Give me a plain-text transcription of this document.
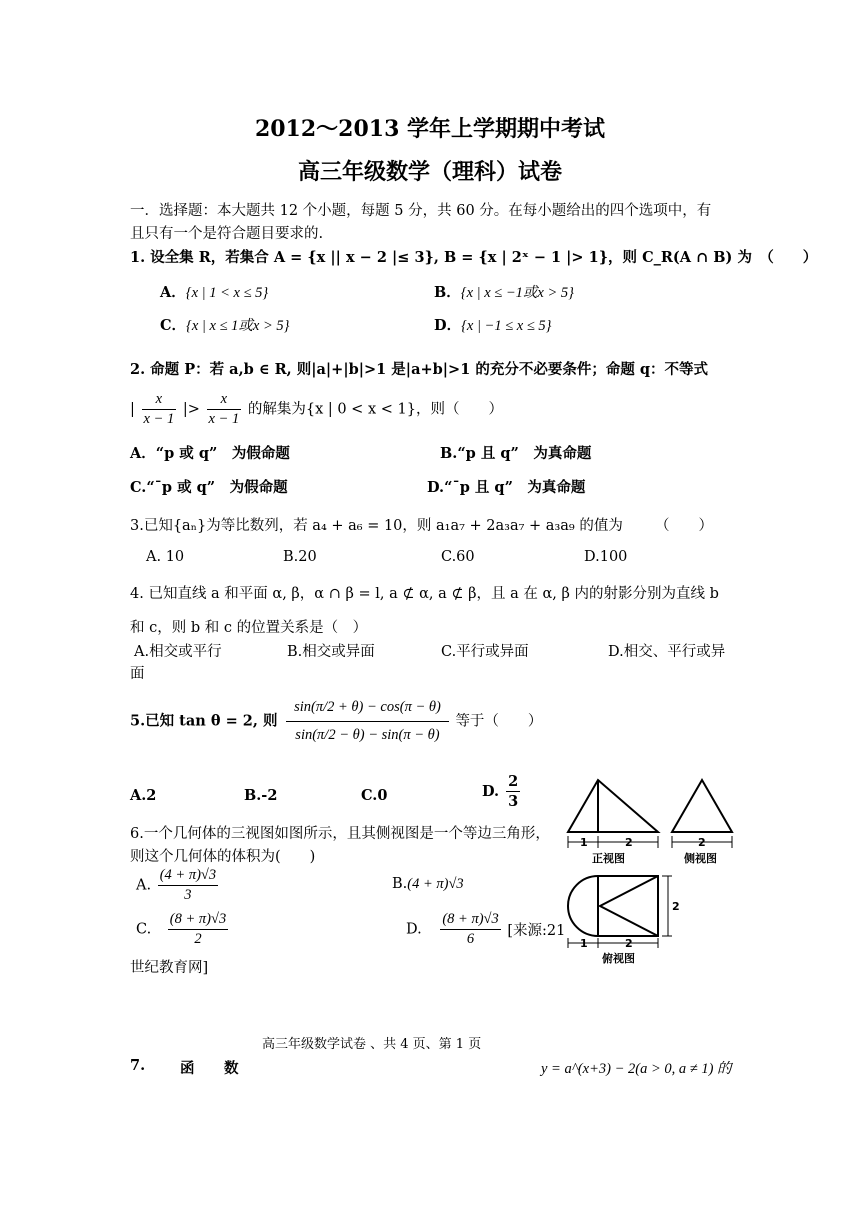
2012～2013 学年上学期期中考试
高三年级数学（理科）试卷
一．选择题：本大题共 12 个小题，每题 5 分，共 60 分。在每小题给出的四个选项中，有
且只有一个是符合题目要求的.
1. 设全集 R，若集合 A = {x || x − 2 |≤ 3}, B = {x | 2ˣ − 1 |> 1}，则 C_R(A ∩ B) 为　 （　　）
A．{x | 1 < x ≤ 5}	B．{x | x ≤ −1或x > 5}
C．{x | x ≤ 1或x > 5}	D．{x | −1 ≤ x ≤ 5}
2. 命题 P：若 a,b ∈ R, 则|a|+|b|>1 是|a+b|>1 的充分不必要条件；命题 q：不等式
| $\frac{x}{x - 1}$ |> $\frac{x}{x - 1}$ 的解集为{x | 0 < x < 1}，则（　　）
A．“p 或 q”　为假命题	B.“p 且 q”　为真命题
C.“ˉp 或 q”　为假命题	D.“ˉp 且 q”　为真命题
3.已知{aₙ}为等比数列，若 a₄ + a₆ = 10，则 a₁a₇ + 2a₃a₇ + a₃a₉ 的值为 （　　）
A. 10	B.20	C.60	D.100
4. 已知直线 a 和平面 α, β，α ∩ β = l, a ⊄ α, a ⊄ β，且 a 在 α, β 内的射影分别为直线 b
和 c，则 b 和 c 的位置关系是（　）
A.相交或平行	B.相交或异面	C.平行或异面	D.相交、平行或异
面
5.已知 tan θ = 2, 则 $\frac{\sin(\pi/2 + \theta) - \cos(\pi - \theta)}{\sin(\pi/2 - \theta) - \sin(\pi - \theta)}$ 等于（　　）
A.2	B.-2	C.0	D. $\frac{2}{3}$
6.一个几何体的三视图如图所示，且其侧视图是一个等边三角形，
则这个几何体的体积为(　　)
A. $\frac{(4 + \pi)√3}{3}$	B.(4 + π)√3
C. $\frac{(8 + \pi)√3}{2}$	D. $\frac{(8 + \pi)√3}{6}$ [来源:21
世纪教育网]
1	2
正视图
2
侧视图
2
1	2
俯视图
高三年级数学试卷 、共 4 页、第 1 页
7. 函 数	y = a^(x+3) − 2(a > 0, a ≠ 1) 的
